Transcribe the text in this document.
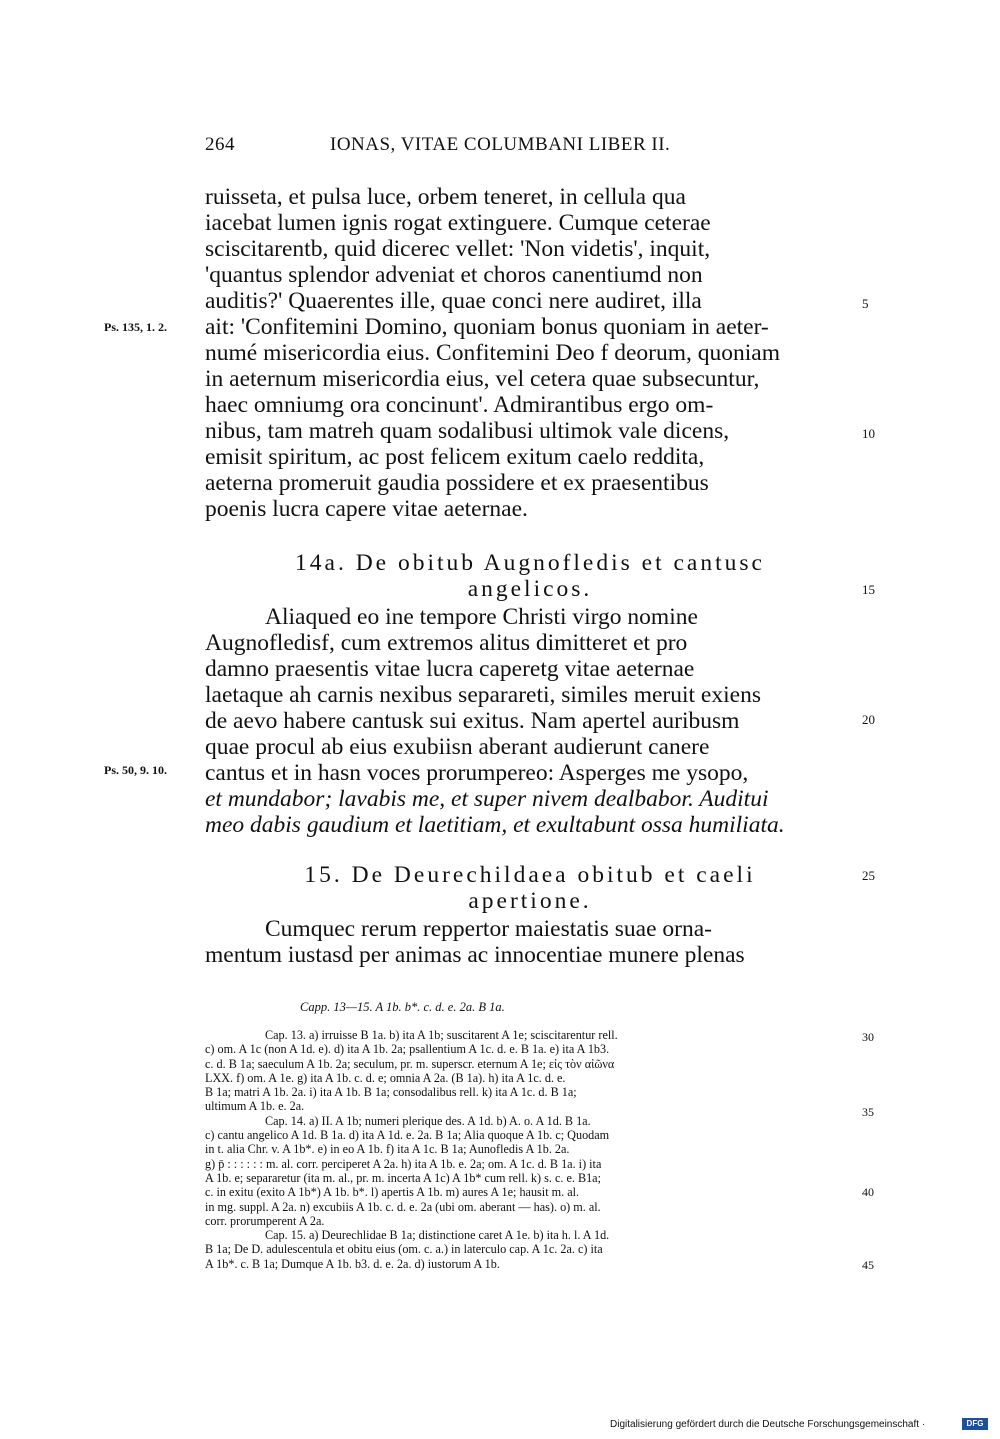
264	IONAS, VITAE COLUMBANI LIBER II.
ruisseta, et pulsa luce, orbem teneret, in cellula qua
iacebat lumen ignis rogat extinguere. Cumque ceterae
sciscitarentb, quid dicerec vellet: 'Non videtis', inquit,
'quantus splendor adveniat et choros canentiumd non
auditis?' Quaerentes ille, quae conci nere audiret, illa
ait: 'Confitemini Domino, quoniam bonus quoniam in aeter-
numé misericordia eius. Confitemini Deo f deorum, quoniam
in aeternum misericordia eius, vel cetera quae subsecuntur,
haec omniumg ora concinunt'. Admirantibus ergo om-
nibus, tam matreh quam sodalibusi ultimok vale dicens,
emisit spiritum, ac post felicem exitum caelo reddita,
aeterna promeruit gaudia possidere et ex praesentibus
poenis lucra capere vitae aeternae.
14a. De obitub Augnofledis et cantusc
angelicos.
Aliaqued eo ine tempore Christi virgo nomine
Augnofledisf, cum extremos alitus dimitteret et pro
damno praesentis vitae lucra caperetg vitae aeternae
laetaque ah carnis nexibus separareti, similes meruit exiens
de aevo habere cantusk sui exitus. Nam apertel auribusm
quae procul ab eius exubiisn aberant audierunt canere
cantus et in hasn voces prorumpereo: Asperges me ysopo,
et mundabor; lavabis me, et super nivem dealbabor. Auditui
meo dabis gaudium et laetitiam, et exultabunt ossa humiliata.
15. De Deurechildaea obitub et caeli
apertione.
Cumquec rerum reppertor maiestatis suae orna-
mentum iustasd per animas ac innocentiae munere plenas
Ps. 135, 1. 2.
Ps. 50, 9. 10.
5
10
15
20
25
Capp. 13—15. A 1b. b*. c. d. e. 2a. B 1a.
Cap. 13. a) irruisse B 1a. b) ita A 1b; suscitarent A 1e; sciscitarentur rell.
c) om. A 1c (non A 1d. e). d) ita A 1b. 2a; psallentium A 1c. d. e. B 1a. e) ita A 1b3.
c. d. B 1a; saeculum A 1b. 2a; seculum, pr. m. superscr. eternum A 1e; εἰς τὸν αἰῶνα
LXX. f) om. A 1e. g) ita A 1b. c. d. e; omnia A 2a. (B 1a). h) ita A 1c. d. e.
B 1a; matri A 1b. 2a. i) ita A 1b. B 1a; consodalibus rell. k) ita A 1c. d. B 1a;
ultimum A 1b. e. 2a.
Cap. 14. a) II. A 1b; numeri plerique des. A 1d. b) A. o. A 1d. B 1a.
c) cantu angelico A 1d. B 1a. d) ita A 1d. e. 2a. B 1a; Alia quoque A 1b. c; Quodam
in t. alia Chr. v. A 1b*. e) in eo A 1b. f) ita A 1c. B 1a; Aunofledis A 1b. 2a.
g) p̄ : : : : : : m. al. corr. perciperet A 2a. h) ita A 1b. e. 2a; om. A 1c. d. B 1a. i) ita
A 1b. e; separaretur (ita m. al., pr. m. incerta A 1c) A 1b* cum rell. k) s. c. e. B1a;
c. in exitu (exito A 1b*) A 1b. b*. l) apertis A 1b. m) aures A 1e; hausit m. al.
in mg. suppl. A 2a. n) excubiis A 1b. c. d. e. 2a (ubi om. aberant — has). o) m. al.
corr. prorumperent A 2a.
Cap. 15. a) Deurechlidae B 1a; distinctione caret A 1e. b) ita h. l. A 1d.
B 1a; De D. adulescentula et obitu eius (om. c. a.) in laterculo cap. A 1c. 2a. c) ita
A 1b*. c. B 1a; Dumque A 1b. b3. d. e. 2a. d) iustorum A 1b.
30
35
40
45
Digitalisierung gefördert durch die Deutsche Forschungsgemeinschaft ·	DFG
